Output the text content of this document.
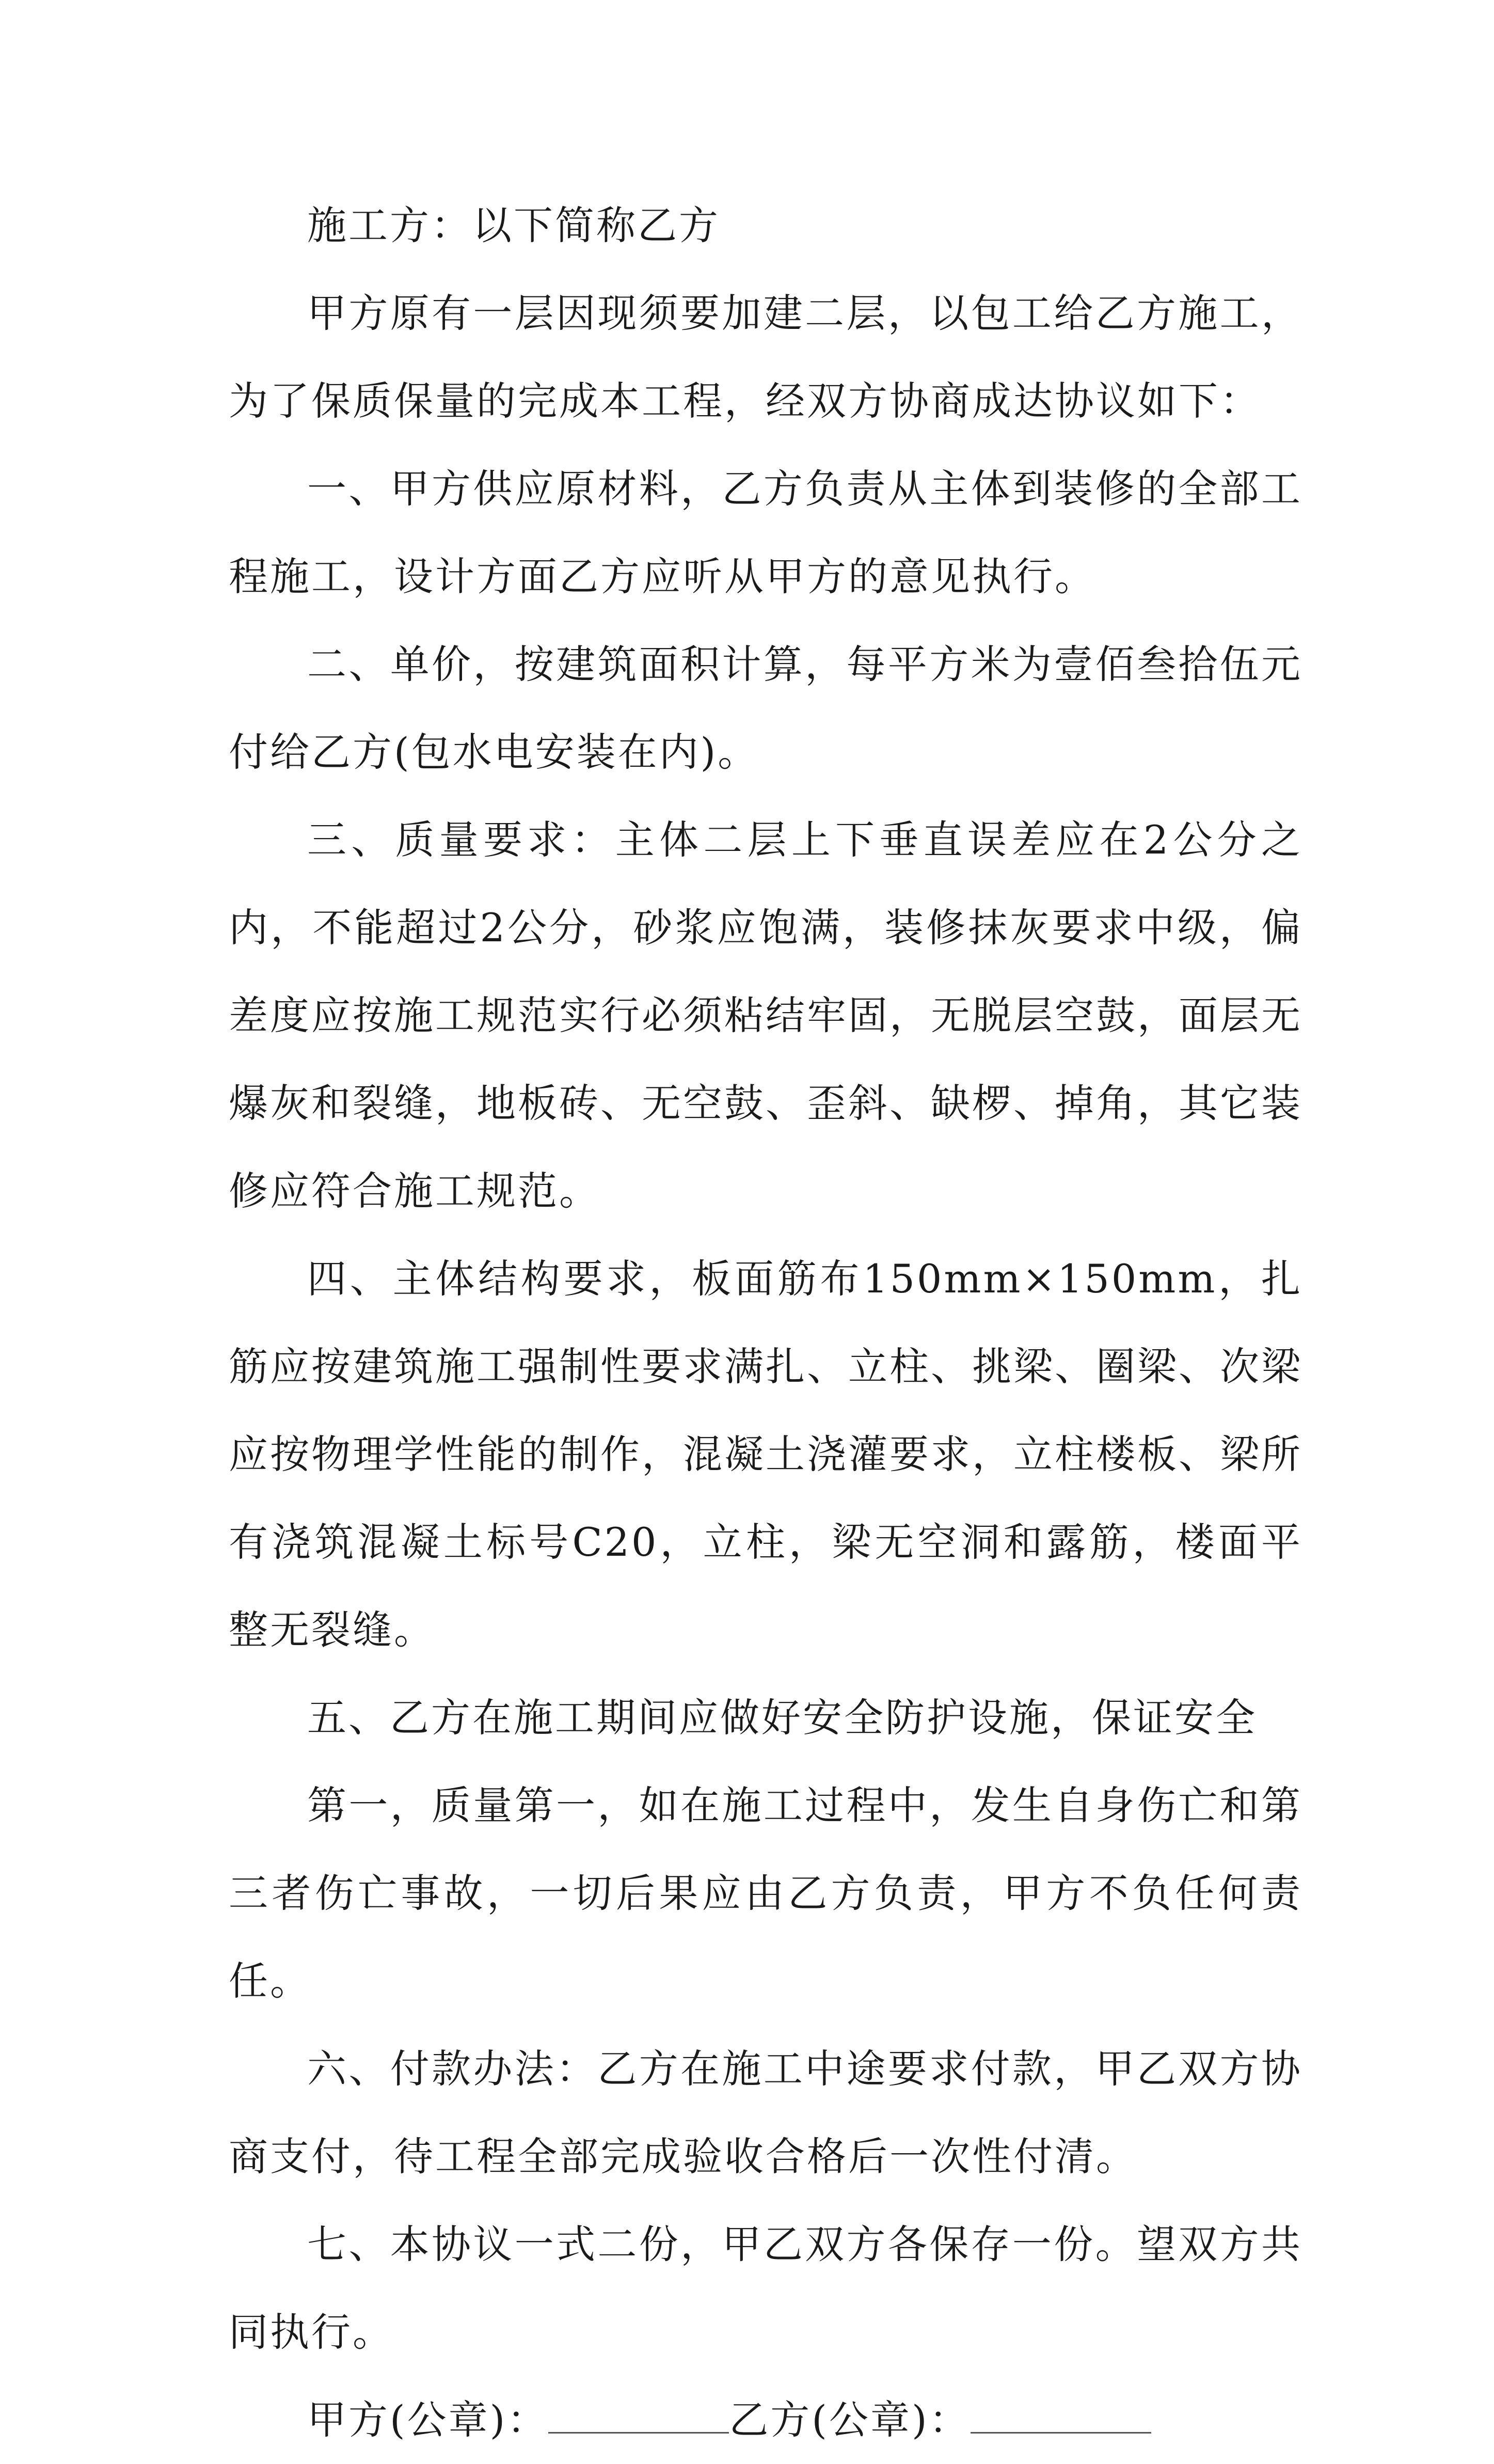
施工方：以下简称乙方

甲方原有一层因现须要加建二层，以包工给乙方施工，为了保质保量的完成本工程，经双方协商成达协议如下：

一、甲方供应原材料，乙方负责从主体到装修的全部工程施工，设计方面乙方应听从甲方的意见执行。

二、单价，按建筑面积计算，每平方米为壹佰叁拾伍元付给乙方(包水电安装在内)。

三、质量要求：主体二层上下垂直误差应在2公分之内，不能超过2公分，砂浆应饱满，装修抹灰要求中级，偏差度应按施工规范实行必须粘结牢固，无脱层空鼓，面层无爆灰和裂缝，地板砖、无空鼓、歪斜、缺椤、掉角，其它装修应符合施工规范。

四、主体结构要求，板面筋布150mm×150mm，扎筋应按建筑施工强制性要求满扎、立柱、挑梁、圈梁、次梁应按物理学性能的制作，混凝土浇灌要求，立柱楼板、梁所有浇筑混凝土标号C20，立柱，梁无空洞和露筋，楼面平整无裂缝。

五、乙方在施工期间应做好安全防护设施，保证安全

第一，质量第一，如在施工过程中，发生自身伤亡和第三者伤亡事故，一切后果应由乙方负责，甲方不负任何责任。

六、付款办法：乙方在施工中途要求付款，甲乙双方协商支付，待工程全部完成验收合格后一次性付清。

七、本协议一式二份，甲乙双方各保存一份。望双方共同执行。

甲方(公章)：	乙方(公章)：
